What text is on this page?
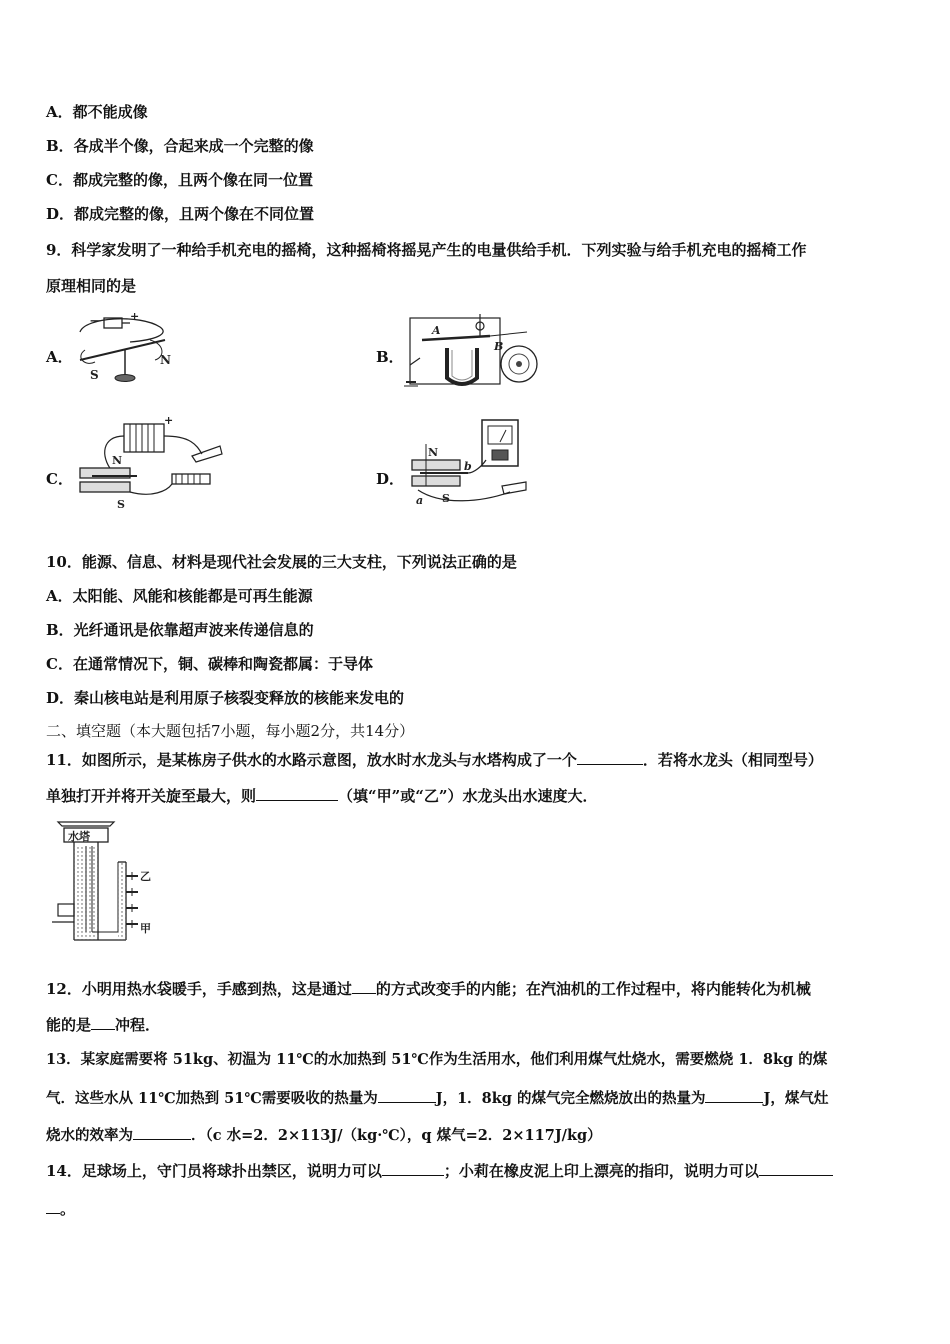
A．都不能成像
B．各成半个像，合起来成一个完整的像
C．都成完整的像，且两个像在同一位置
D．都成完整的像，且两个像在不同位置
9．科学家发明了一种给手机充电的摇椅，这种摇椅将摇晃产生的电量供给手机．下列实验与给手机充电的摇椅工作
原理相同的是
A．
S
N
—	+
B．
A
B
C．
N
S
+
D．
N
S
a
b
10．能源、信息、材料是现代社会发展的三大支柱，下列说法正确的是
A．太阳能、风能和核能都是可再生能源
B．光纤通讯是依靠超声波来传递信息的
C．在通常情况下，铜、碳棒和陶瓷都属：于导体
D．秦山核电站是利用原子核裂变释放的核能来发电的
二、填空题（本大题包括7小题，每小题2分，共14分）
11．如图所示，是某栋房子供水的水路示意图，放水时水龙头与水塔构成了一个	．若将水龙头（相同型号）
单独打开并将开关旋至最大，则	（填“甲”或“乙”）水龙头出水速度大．
水塔
乙
甲
12．小明用热水袋暖手，手感到热，这是通过 的方式改变手的内能；在汽油机的工作过程中，将内能转化为机械
能的是 冲程．
13．某家庭需要将 51kg、初温为 11℃的水加热到 51℃作为生活用水，他们利用煤气灶烧水，需要燃烧 1．8kg 的煤
气．这些水从 11℃加热到 51℃需要吸收的热量为	J，1．8kg 的煤气完全燃烧放出的热量为	J，煤气灶
烧水的效率为	．（c 水=2．2×113J/（kg·℃），q 煤气=2．2×117J/kg）
14．足球场上，守门员将球扑出禁区，说明力可以	；小莉在橡皮泥上印上漂亮的指印，说明力可以
。
